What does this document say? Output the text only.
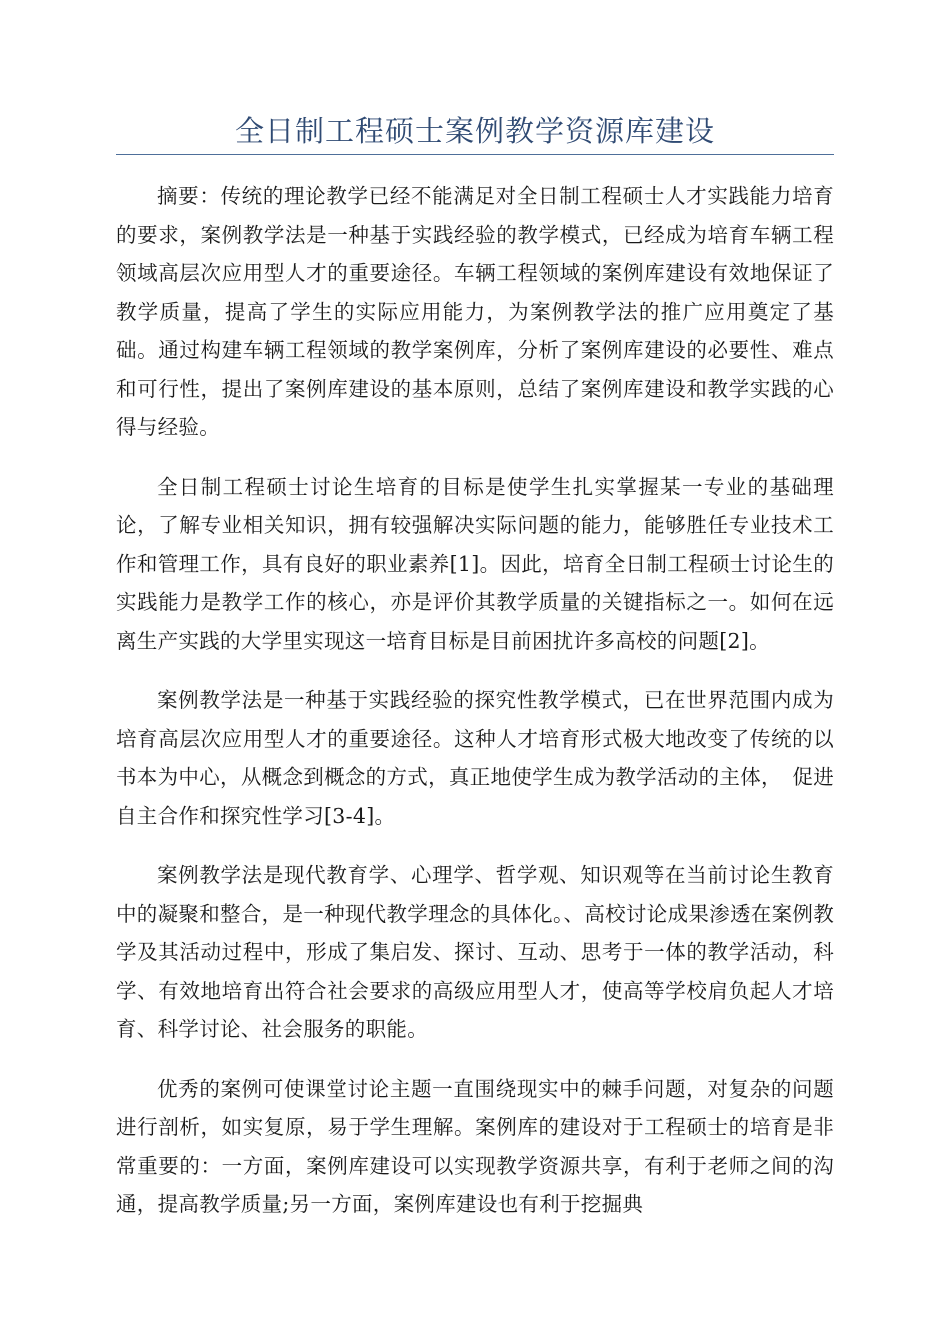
全日制工程硕士案例教学资源库建设

摘要：传统的理论教学已经不能满足对全日制工程硕士人才实践能力培育的要求，案例教学法是一种基于实践经验的教学模式，已经成为培育车辆工程领域高层次应用型人才的重要途径。车辆工程领域的案例库建设有效地保证了教学质量，提高了学生的实际应用能力，为案例教学法的推广应用奠定了基础。通过构建车辆工程领域的教学案例库，分析了案例库建设的必要性、难点和可行性，提出了案例库建设的基本原则，总结了案例库建设和教学实践的心得与经验。

全日制工程硕士讨论生培育的目标是使学生扎实掌握某一专业的基础理论，了解专业相关知识，拥有较强解决实际问题的能力，能够胜任专业技术工作和管理工作，具有良好的职业素养[1]。因此，培育全日制工程硕士讨论生的实践能力是教学工作的核心，亦是评价其教学质量的关键指标之一。如何在远离生产实践的大学里实现这一培育目标是目前困扰许多高校的问题[2]。

案例教学法是一种基于实践经验的探究性教学模式，已在世界范围内成为培育高层次应用型人才的重要途径。这种人才培育形式极大地改变了传统的以书本为中心，从概念到概念的方式，真正地使学生成为教学活动的主体，　促进自主合作和探究性学习[3-4]。

案例教学法是现代教育学、心理学、哲学观、知识观等在当前讨论生教育中的凝聚和整合，是一种现代教学理念的具体化。、高校讨论成果渗透在案例教学及其活动过程中，形成了集启发、探讨、互动、思考于一体的教学活动，科学、有效地培育出符合社会要求的高级应用型人才，使高等学校肩负起人才培育、科学讨论、社会服务的职能。

优秀的案例可使课堂讨论主题一直围绕现实中的棘手问题，对复杂的问题进行剖析，如实复原，易于学生理解。案例库的建设对于工程硕士的培育是非常重要的：一方面，案例库建设可以实现教学资源共享，有利于老师之间的沟通，提高教学质量;另一方面，案例库建设也有利于挖掘典
